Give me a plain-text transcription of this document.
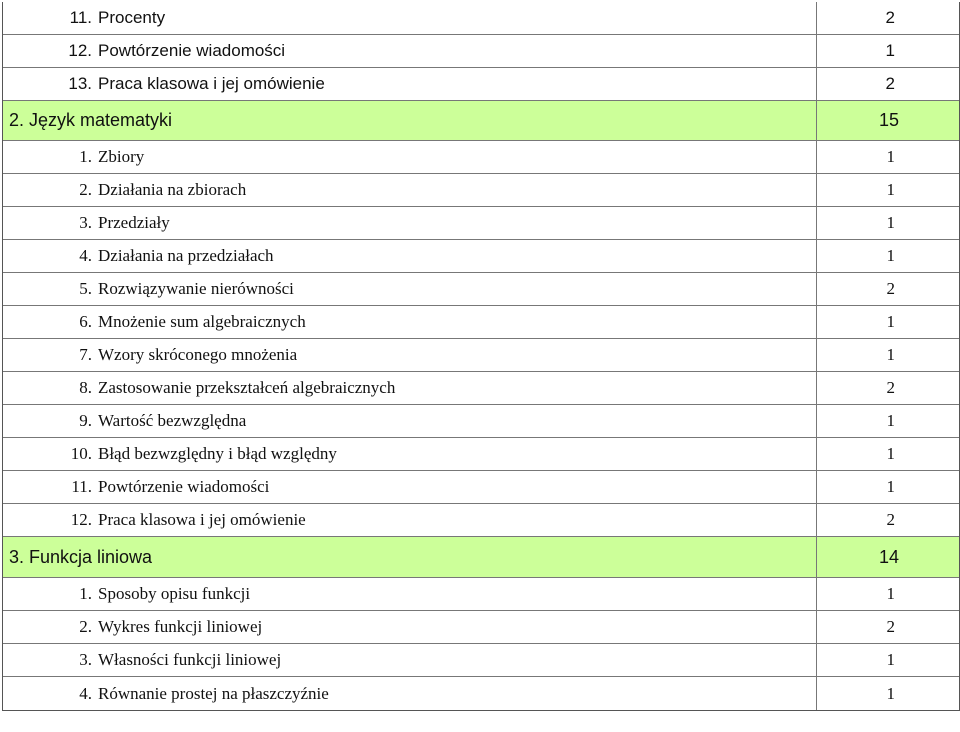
11. Procenty	2
12. Powtórzenie wiadomości	1
13. Praca klasowa i jej omówienie	2
2. Język matematyki	15
1. Zbiory	1
2. Działania na zbiorach	1
3. Przedziały	1
4. Działania na przedziałach	1
5. Rozwiązywanie nierówności	2
6. Mnożenie sum algebraicznych	1
7. Wzory skróconego mnożenia	1
8. Zastosowanie przekształceń algebraicznych	2
9. Wartość bezwzględna	1
10. Błąd bezwzględny i błąd względny	1
11. Powtórzenie wiadomości	1
12. Praca klasowa i jej omówienie	2
3. Funkcja liniowa	14
1. Sposoby opisu funkcji	1
2. Wykres funkcji liniowej	2
3. Własności funkcji liniowej	1
4. Równanie prostej na płaszczyźnie	1
